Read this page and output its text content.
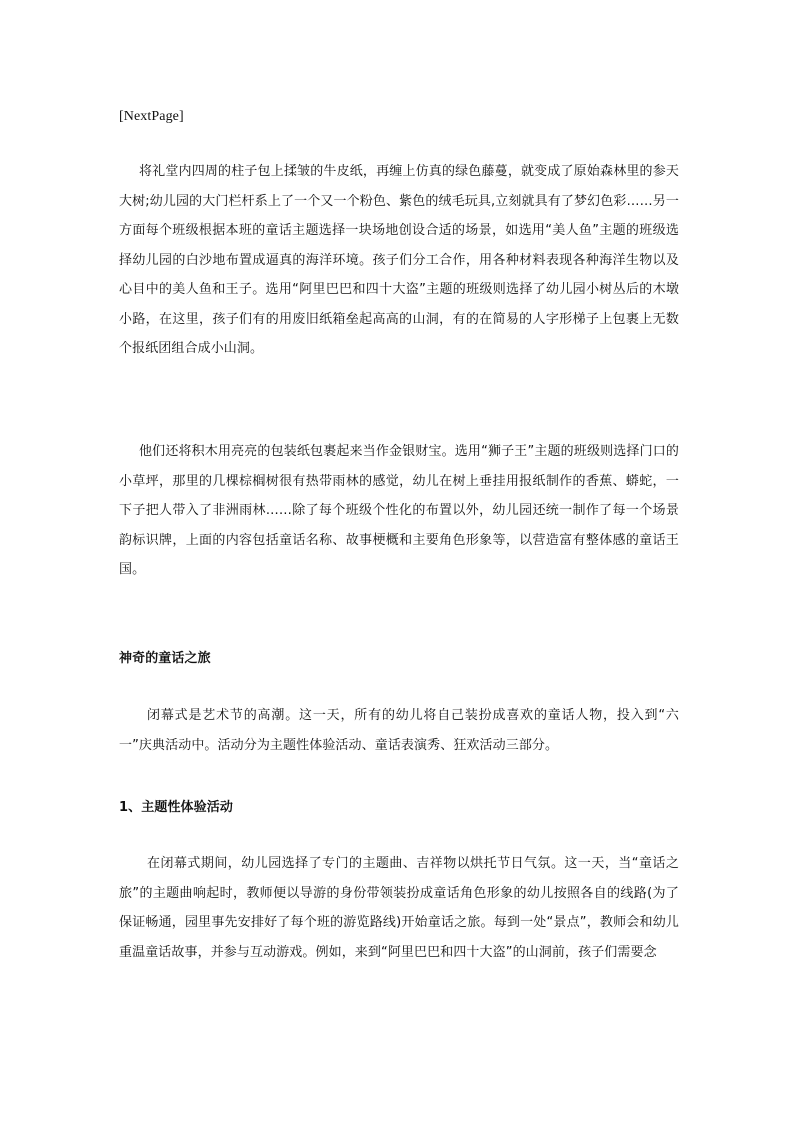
[NextPage]
将礼堂内四周的柱子包上揉皱的牛皮纸，再缠上仿真的绿色藤蔓，就变成了原始森林里的参天大树;幼儿园的大门栏杆系上了一个又一个粉色、紫色的绒毛玩具,立刻就具有了梦幻色彩……另一方面每个班级根据本班的童话主题选择一块场地创设合适的场景，如选用“美人鱼”主题的班级选择幼儿园的白沙地布置成逼真的海洋环境。孩子们分工合作，用各种材料表现各种海洋生物以及心目中的美人鱼和王子。选用“阿里巴巴和四十大盗”主题的班级则选择了幼儿园小树丛后的木墩小路，在这里，孩子们有的用废旧纸箱垒起高高的山洞，有的在简易的人字形梯子上包裹上无数个报纸团组合成小山洞。
他们还将积木用亮亮的包装纸包裹起来当作金银财宝。选用“狮子王”主题的班级则选择门口的小草坪，那里的几棵棕榈树很有热带雨林的感觉，幼儿在树上垂挂用报纸制作的香蕉、蟒蛇，一下子把人带入了非洲雨林……除了每个班级个性化的布置以外，幼儿园还统一制作了每一个场景韵标识牌，上面的内容包括童话名称、故事梗概和主要角色形象等，以营造富有整体感的童话王国。
神奇的童话之旅
闭幕式是艺术节的高潮。这一天，所有的幼儿将自己装扮成喜欢的童话人物，投入到“六一”庆典活动中。活动分为主题性体验活动、童话表演秀、狂欢活动三部分。
1、主题性体验活动
在闭幕式期间，幼儿园选择了专门的主题曲、吉祥物以烘托节日气氛。这一天，当“童话之旅”的主题曲响起时，教师便以导游的身份带领装扮成童话角色形象的幼儿按照各自的线路(为了保证畅通，园里事先安排好了每个班的游览路线)开始童话之旅。每到一处“景点”，教师会和幼儿重温童话故事，并参与互动游戏。例如，来到“阿里巴巴和四十大盗”的山洞前，孩子们需要念
